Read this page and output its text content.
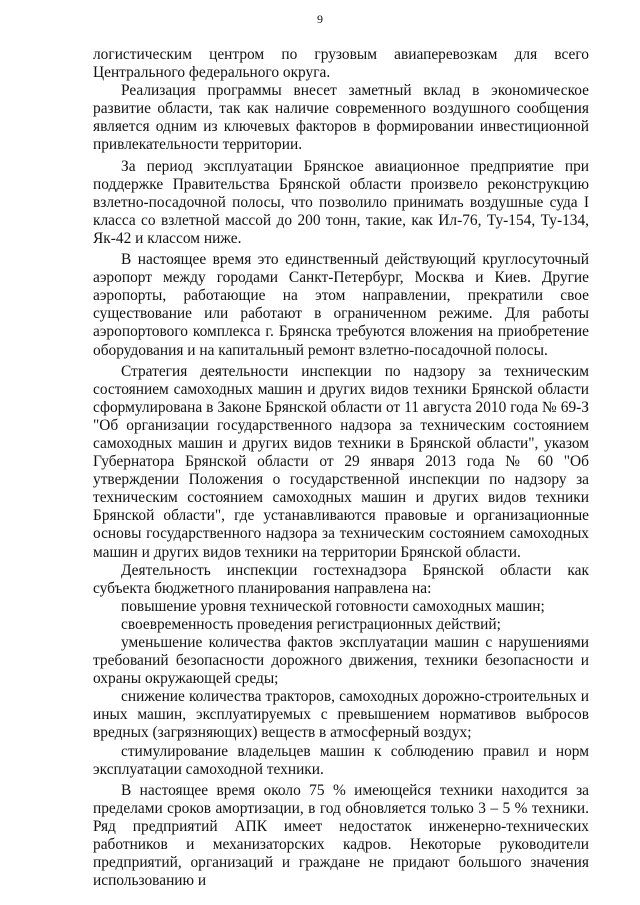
9

логистическим центром по грузовым авиаперевозкам для всего Центрального федерального округа.

Реализация программы внесет заметный вклад в экономическое развитие области, так как наличие современного воздушного сообщения является одним из ключевых факторов в формировании инвестиционной привлекательности территории.

За период эксплуатации Брянское авиационное предприятие при поддержке Правительства Брянской области произвело реконструкцию взлетно-посадочной полосы, что позволило принимать воздушные суда I класса со взлетной массой до 200 тонн, такие, как Ил-76, Ту-154, Ту-134, Як-42 и классом ниже.

В настоящее время это единственный действующий круглосуточный аэропорт между городами Санкт-Петербург, Москва и Киев. Другие аэропорты, работающие на этом направлении, прекратили свое существование или работают в ограниченном режиме. Для работы аэропортового комплекса г. Брянска требуются вложения на приобретение оборудования и на капитальный ремонт взлетно-посадочной полосы.

Стратегия деятельности инспекции по надзору за техническим состоянием самоходных машин и других видов техники Брянской области сформулирована в Законе Брянской области от 11 августа 2010 года № 69-З "Об организации государственного надзора за техническим состоянием самоходных машин и других видов техники в Брянской области", указом Губернатора Брянской области от 29 января 2013 года № 60 "Об утверждении Положения о государственной инспекции по надзору за техническим состоянием самоходных машин и других видов техники Брянской области", где устанавливаются правовые и организационные основы государственного надзора за техническим состоянием самоходных машин и других видов техники на территории Брянской области.

Деятельность инспекции гостехнадзора Брянской области как субъекта бюджетного планирования направлена на:

повышение уровня технической готовности самоходных машин;

своевременность проведения регистрационных действий;

уменьшение количества фактов эксплуатации машин с нарушениями требований безопасности дорожного движения, техники безопасности и охраны окружающей среды;

снижение количества тракторов, самоходных дорожно-строительных и иных машин, эксплуатируемых с превышением нормативов выбросов вредных (загрязняющих) веществ в атмосферный воздух;

стимулирование владельцев машин к соблюдению правил и норм эксплуатации самоходной техники.

В настоящее время около 75 % имеющейся техники находится за пределами сроков амортизации, в год обновляется только 3 – 5 % техники. Ряд предприятий АПК имеет недостаток инженерно-технических работников и механизаторских кадров. Некоторые руководители предприятий, организаций и граждане не придают большого значения использованию и
